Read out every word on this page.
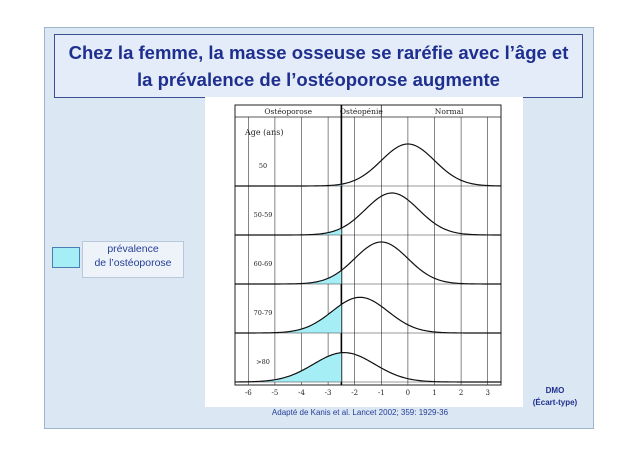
Chez la femme, la masse osseuse se raréfie avec l’âge et
la prévalence de l’ostéoporose augmente
Ostéoporose	Ostéopénie	Normal
Age (ans)
50
50-59
60-69
70-79
>80
-6	-5	-4	-3	-2	-1	0	1	2	3
prévalence
de l’ostéoporose
DMO
(Écart-type)
Adapté de Kanis et al. Lancet 2002; 359: 1929-36
